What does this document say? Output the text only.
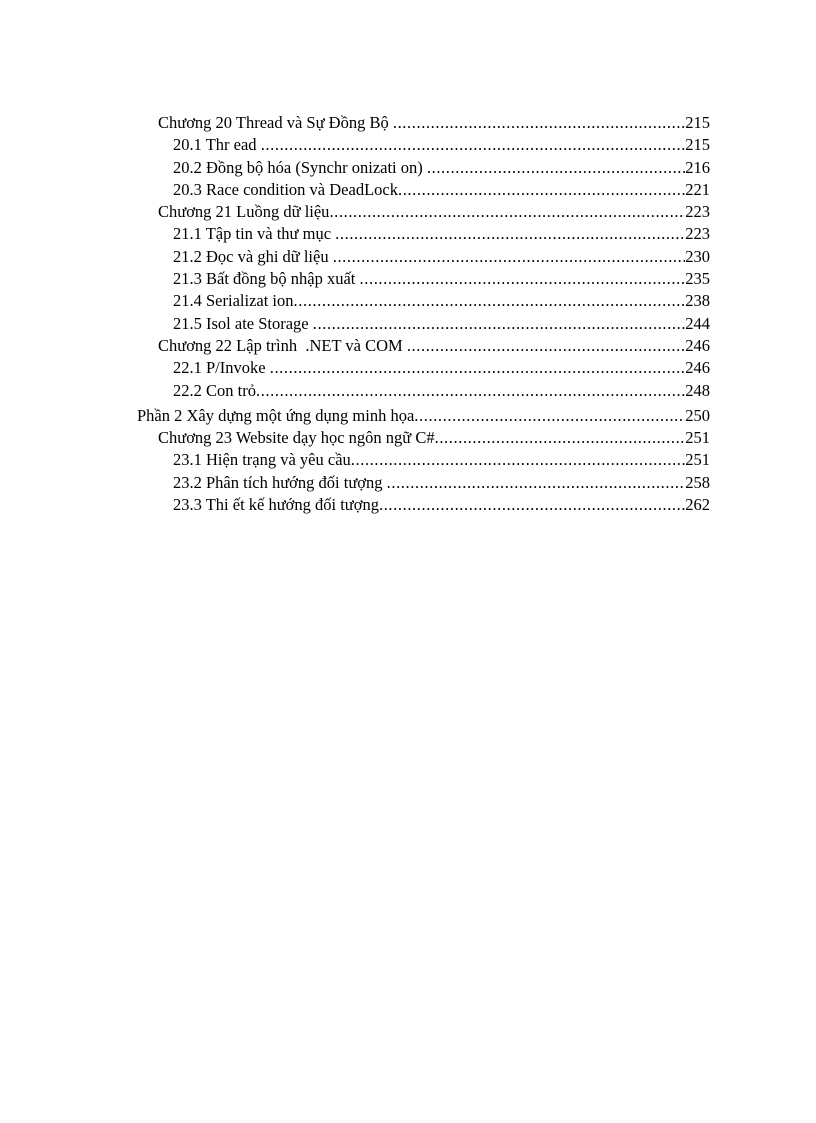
Chương 20 Thread và Sự Đồng Bộ .....	215
20.1 Thr ead .....	215
20.2 Đồng bộ hóa (Synchr onizati on) .....	216
20.3 Race condition và DeadLock .....	221
Chương 21 Luồng dữ liệu .....	223
21.1 Tập tin và thư mục .....	223
21.2 Đọc và ghi dữ liệu .....	230
21.3 Bất đồng bộ nhập xuất .....	235
21.4 Serializat ion .....	238
21.5 Isol ate Storage .....	244
Chương 22 Lập trình  .NET và COM .....	246
22.1 P/Invoke .....	246
22.2 Con trỏ .....	248
Phần 2 Xây dựng một ứng dụng minh họa .....	250
Chương 23 Website dạy học ngôn ngữ C# .....	251
23.1 Hiện trạng và yêu cầu .....	251
23.2 Phân tích hướng đối tượng .....	258
23.3 Thi ết kế hướng đối tượng .....	262
